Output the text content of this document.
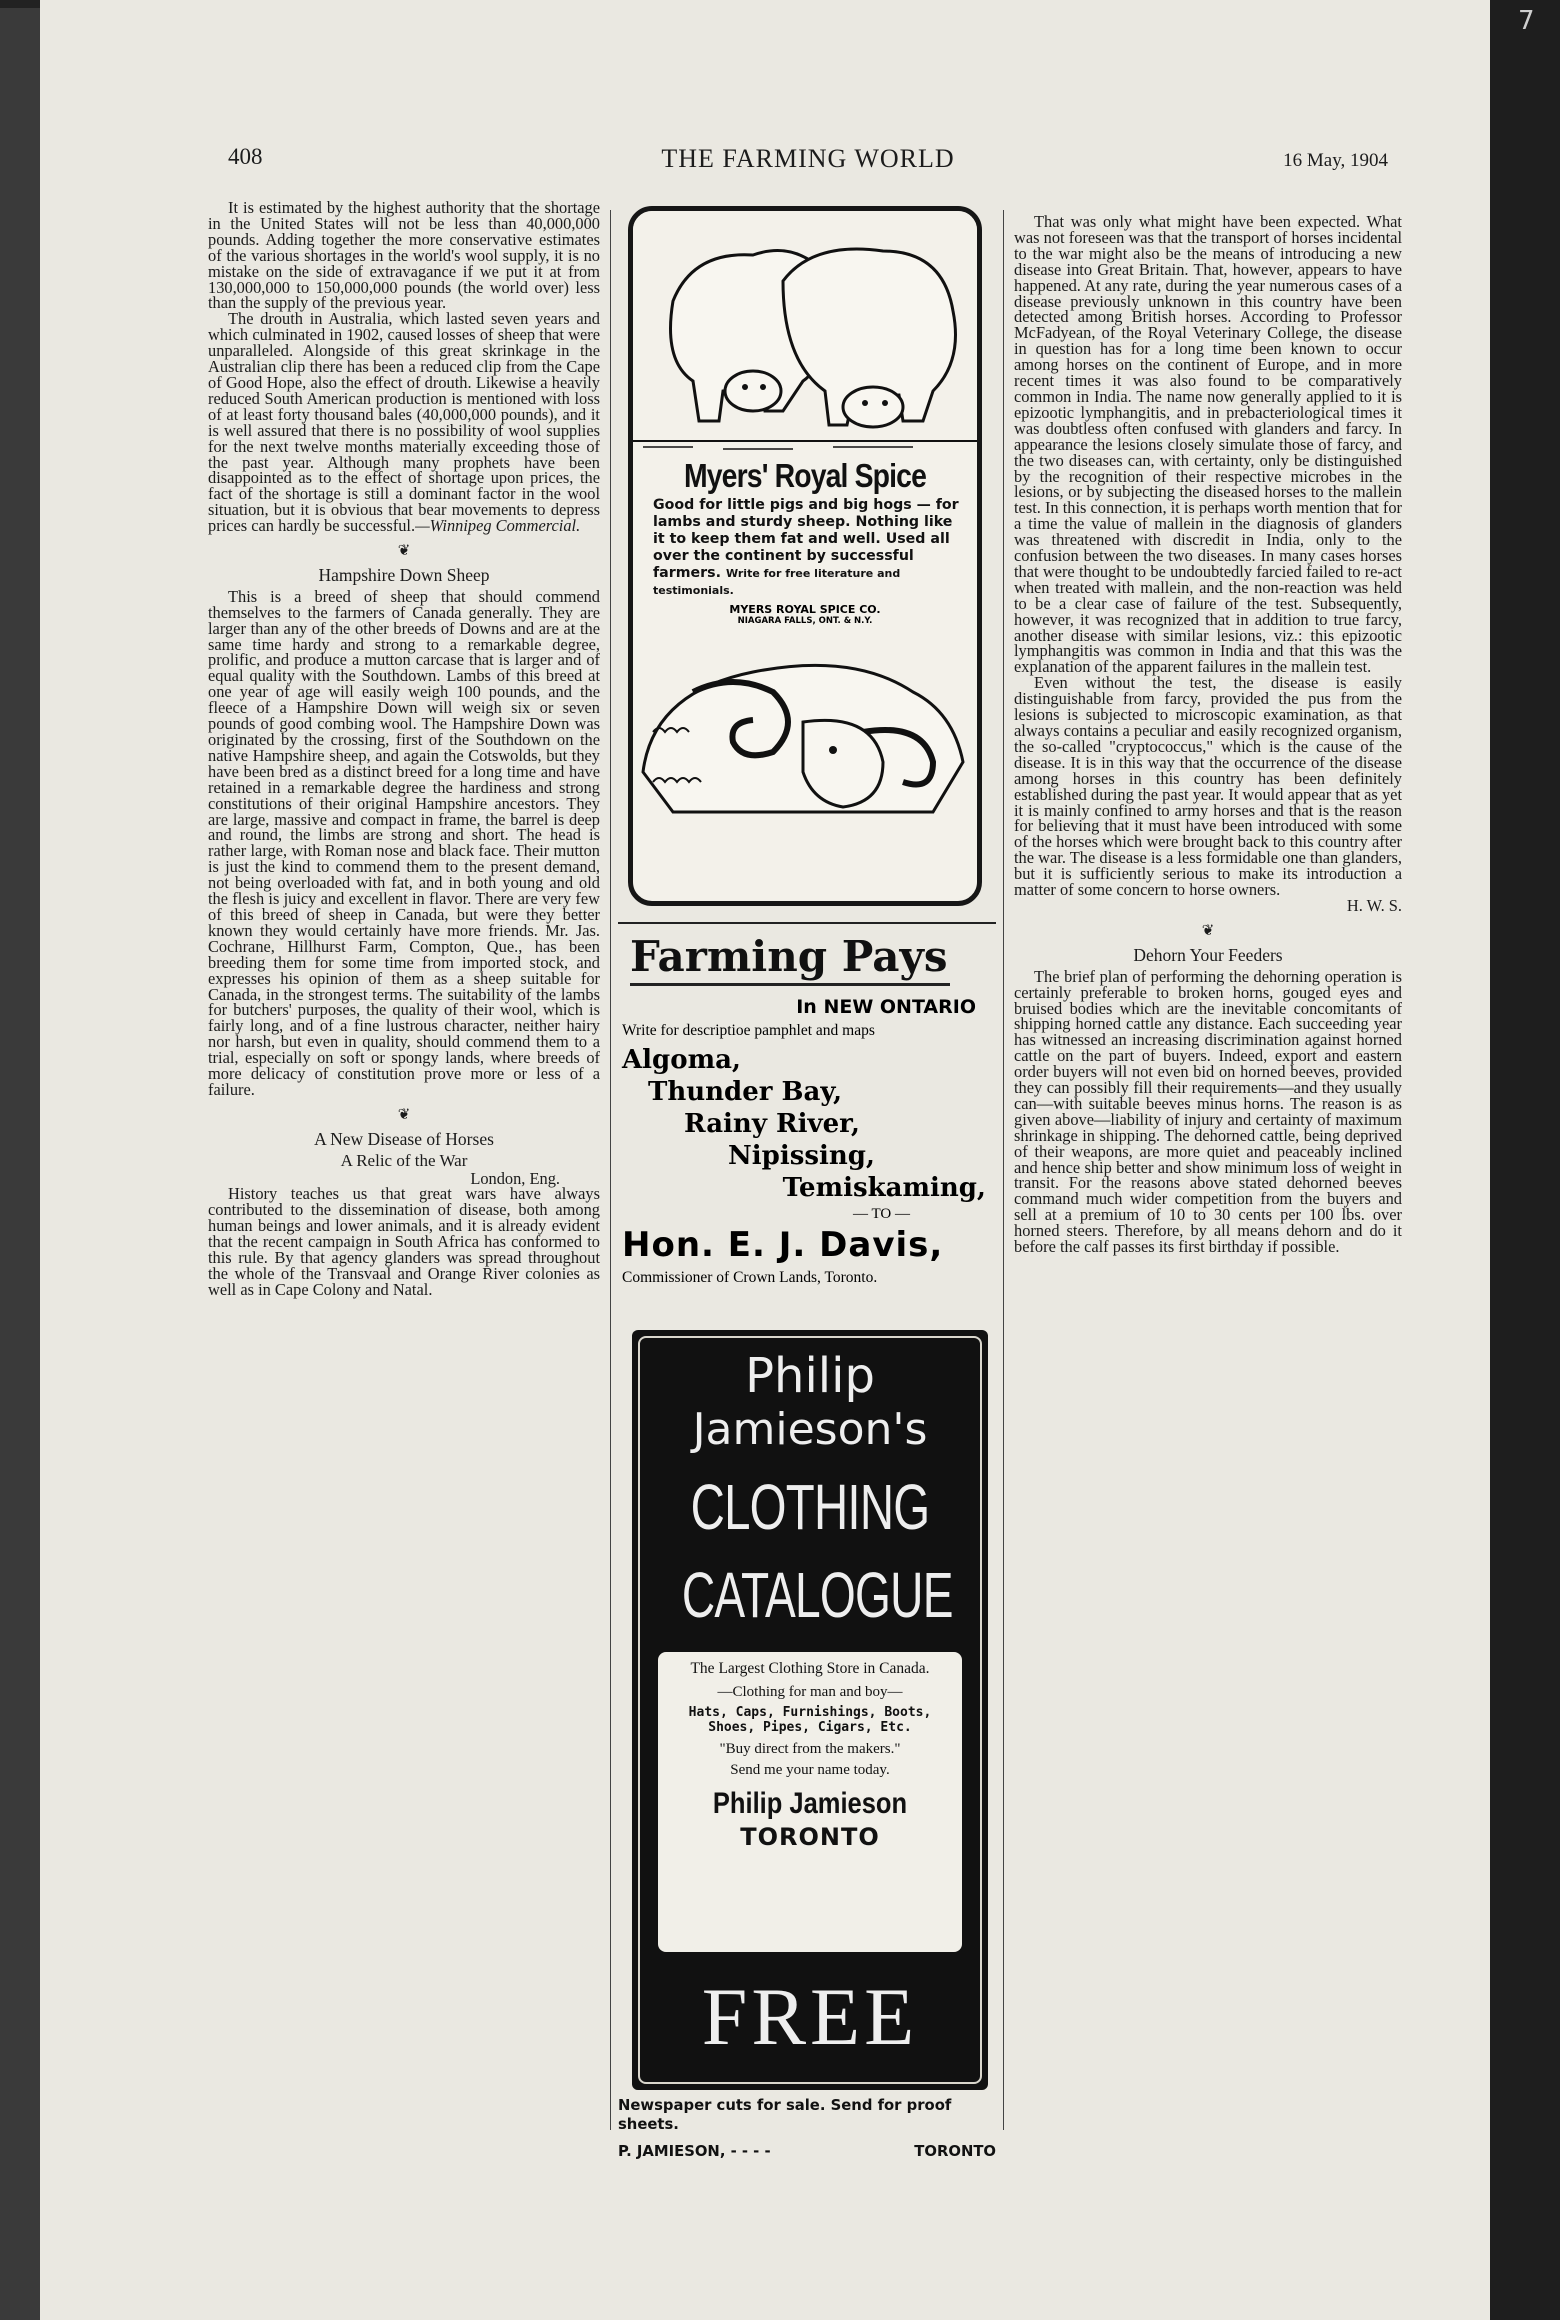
7
THE FARMING WORLD
408	16 May, 1904

It is estimated by the highest authority that the shortage in the United States will not be less than 40,000,000 pounds. Adding together the more conservative estimates of the various shortages in the world's wool supply, it is no mistake on the side of extravagance if we put it at from 130,000,000 to 150,000,000 pounds (the world over) less than the supply of the previous year.

The drouth in Australia, which lasted seven years and which culminated in 1902, caused losses of sheep that were unparalleled. Alongside of this great skrinkage in the Australian clip there has been a reduced clip from the Cape of Good Hope, also the effect of drouth. Likewise a heavily reduced South American production is mentioned with loss of at least forty thousand bales (40,000,000 pounds), and it is well assured that there is no possibility of wool supplies for the next twelve months materially exceeding those of the past year. Although many prophets have been disappointed as to the effect of shortage upon prices, the fact of the shortage is still a dominant factor in the wool situation, but it is obvious that bear movements to depress prices can hardly be successful.—Winnipeg Commercial.

❦

Hampshire Down Sheep

This is a breed of sheep that should commend themselves to the farmers of Canada generally. They are larger than any of the other breeds of Downs and are at the same time hardy and strong to a remarkable degree, prolific, and produce a mutton carcase that is larger and of equal quality with the Southdown. Lambs of this breed at one year of age will easily weigh 100 pounds, and the fleece of a Hampshire Down will weigh six or seven pounds of good combing wool. The Hampshire Down was originated by the crossing, first of the Southdown on the native Hampshire sheep, and again the Cotswolds, but they have been bred as a distinct breed for a long time and have retained in a remarkable degree the hardiness and strong constitutions of their original Hampshire ancestors. They are large, massive and compact in frame, the barrel is deep and round, the limbs are strong and short. The head is rather large, with Roman nose and black face. Their mutton is just the kind to commend them to the present demand, not being overloaded with fat, and in both young and old the flesh is juicy and excellent in flavor. There are very few of this breed of sheep in Canada, but were they better known they would certainly have more friends. Mr. Jas. Cochrane, Hillhurst Farm, Compton, Que., has been breeding them for some time from imported stock, and expresses his opinion of them as a sheep suitable for Canada, in the strongest terms. The suitability of the lambs for butchers' purposes, the quality of their wool, which is fairly long, and of a fine lustrous character, neither hairy nor harsh, but even in quality, should commend them to a trial, especially on soft or spongy lands, where breeds of more delicacy of constitution prove more or less of a failure.

❦

A New Disease of Horses

A Relic of the War

London, Eng.

History teaches us that great wars have always contributed to the dissemination of disease, both among human beings and lower animals, and it is already evident that the recent campaign in South Africa has conformed to this rule. By that agency glanders was spread throughout the whole of the Transvaal and Orange River colonies as well as in Cape Colony and Natal.

Myers' Royal Spice
Good for little pigs and big hogs — for lambs and sturdy sheep. Nothing like it to keep them fat and well. Used all over the continent by successful farmers. Write for free literature and testimonials.
MYERS ROYAL SPICE CO.
NIAGARA FALLS, ONT. & N.Y.
Farming Pays
In NEW ONTARIO
Write for descriptioe pamphlet and maps
Algoma,
Thunder Bay,
Rainy River,
Nipissing,
Temiskaming,
— TO —
Hon. E. J. Davis,
Commissioner of Crown Lands, Toronto.
Philip
Jamieson's
CLOTHING
CATALOGUE
The Largest Clothing Store in Canada.
—Clothing for man and boy—
Hats, Caps, Furnishings, Boots, Shoes, Pipes, Cigars, Etc.
"Buy direct from the makers."
Send me your name today.
Philip Jamieson
TORONTO
FREE
Newspaper cuts for sale. Send for proof sheets.
P. JAMIESON, - - - -	TORONTO

That was only what might have been expected. What was not foreseen was that the transport of horses incidental to the war might also be the means of introducing a new disease into Great Britain. That, however, appears to have happened. At any rate, during the year numerous cases of a disease previously unknown in this country have been detected among British horses. According to Professor McFadyean, of the Royal Veterinary College, the disease in question has for a long time been known to occur among horses on the continent of Europe, and in more recent times it was also found to be comparatively common in India. The name now generally applied to it is epizootic lymphangitis, and in prebacteriological times it was doubtless often confused with glanders and farcy. In appearance the lesions closely simulate those of farcy, and the two diseases can, with certainty, only be distinguished by the recognition of their respective microbes in the lesions, or by subjecting the diseased horses to the mallein test. In this connection, it is perhaps worth mention that for a time the value of mallein in the diagnosis of glanders was threatened with discredit in India, only to the confusion between the two diseases. In many cases horses that were thought to be undoubtedly farcied failed to re-act when treated with mallein, and the non-reaction was held to be a clear case of failure of the test. Subsequently, however, it was recognized that in addition to true farcy, another disease with similar lesions, viz.: this epizootic lymphangitis was common in India and that this was the explanation of the apparent failures in the mallein test.

Even without the test, the disease is easily distinguishable from farcy, provided the pus from the lesions is subjected to microscopic examination, as that always contains a peculiar and easily recognized organism, the so-called "cryptococcus," which is the cause of the disease. It is in this way that the occurrence of the disease among horses in this country has been definitely established during the past year. It would appear that as yet it is mainly confined to army horses and that is the reason for believing that it must have been introduced with some of the horses which were brought back to this country after the war. The disease is a less formidable one than glanders, but it is sufficiently serious to make its introduction a matter of some concern to horse owners.

H. W. S.

❦

Dehorn Your Feeders

The brief plan of performing the dehorning operation is certainly preferable to broken horns, gouged eyes and bruised bodies which are the inevitable concomitants of shipping horned cattle any distance. Each succeeding year has witnessed an increasing discrimination against horned cattle on the part of buyers. Indeed, export and eastern order buyers will not even bid on horned beeves, provided they can possibly fill their requirements—and they usually can—with suitable beeves minus horns. The reason is as given above—liability of injury and certainty of maximum shrinkage in shipping. The dehorned cattle, being deprived of their weapons, are more quiet and peaceably inclined and hence ship better and show minimum loss of weight in transit. For the reasons above stated dehorned beeves command much wider competition from the buyers and sell at a premium of 10 to 30 cents per 100 lbs. over horned steers. Therefore, by all means dehorn and do it before the calf passes its first birthday if possible.
